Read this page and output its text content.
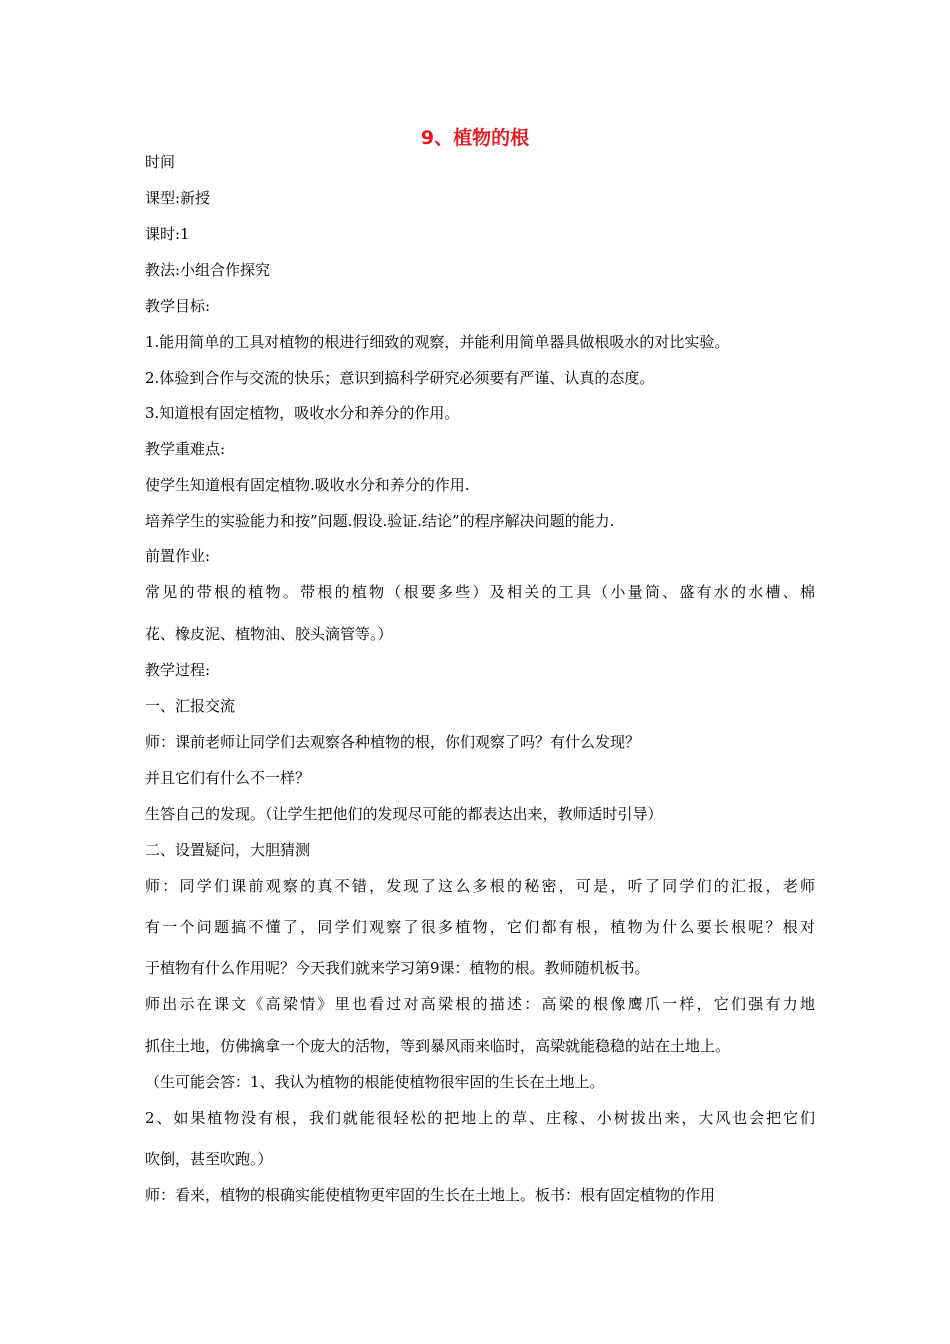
9、植物的根
时间
课型:新授
课时:1
教法:小组合作探究
教学目标:
1.能用简单的工具对植物的根进行细致的观察，并能利用简单器具做根吸水的对比实验。
2.体验到合作与交流的快乐；意识到搞科学研究必须要有严谨、认真的态度。
3.知道根有固定植物，吸收水分和养分的作用。
教学重难点:
使学生知道根有固定植物.吸收水分和养分的作用.
培养学生的实验能力和按”问题.假设.验证.结论”的程序解决问题的能力.
前置作业:
常见的带根的植物。带根的植物（根要多些）及相关的工具（小量筒、盛有水的水槽、棉
花、橡皮泥、植物油、胶头滴管等。）
教学过程:
一、汇报交流
师：课前老师让同学们去观察各种植物的根，你们观察了吗？有什么发现？
并且它们有什么不一样？
生答自己的发现。（让学生把他们的发现尽可能的都表达出来，教师适时引导）
二、设置疑问，大胆猜测
师：同学们课前观察的真不错，发现了这么多根的秘密，可是，听了同学们的汇报，老师
有一个问题搞不懂了，同学们观察了很多植物，它们都有根，植物为什么要长根呢？根对
于植物有什么作用呢？今天我们就来学习第9课：植物的根。教师随机板书。
师出示在课文《高梁情》里也看过对高梁根的描述：高梁的根像鹰爪一样，它们强有力地
抓住土地，仿佛擒拿一个庞大的活物，等到暴风雨来临时，高梁就能稳稳的站在土地上。
（生可能会答：1、我认为植物的根能使植物很牢固的生长在土地上。
2、如果植物没有根，我们就能很轻松的把地上的草、庄稼、小树拔出来，大风也会把它们
吹倒，甚至吹跑。）
师：看来，植物的根确实能使植物更牢固的生长在土地上。板书：根有固定植物的作用
